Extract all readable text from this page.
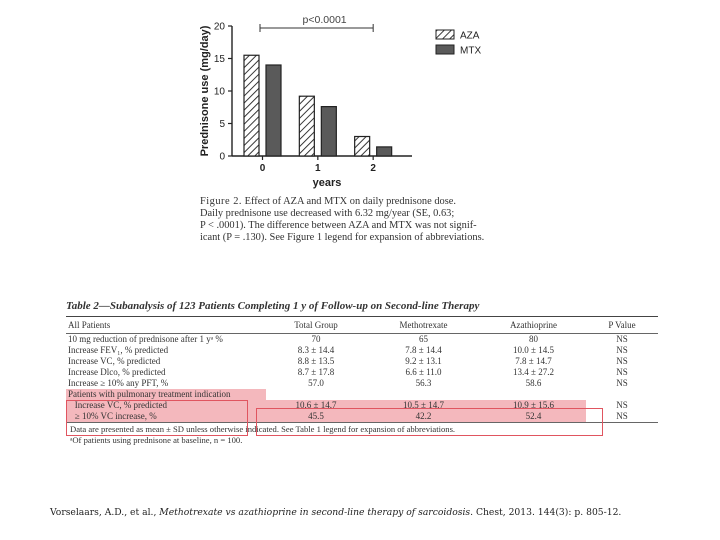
0
5
10
15
20
Prednisone use (mg/day)
0	1	2
years
p<0.0001
AZA
MTX
Figure 2. Effect of AZA and MTX on daily prednisone dose.
Daily prednisone use decreased with 6.32 mg/year (SE, 0.63;
P < .0001). The difference between AZA and MTX was not signif-
icant (P = .130). See Figure 1 legend for expansion of abbreviations.
Table 2—Subanalysis of 123 Patients Completing 1 y of Follow-up on Second-line Therapy
All Patients	Total Group	Methotrexate	Azathioprine	P Value
10 mg reduction of prednisone after 1 yᵃ %	70	65	80	NS
Increase FEV₁, % predicted	8.3 ± 14.4	7.8 ± 14.4	10.0 ± 14.5	NS
Increase VC, % predicted	8.8 ± 13.5	9.2 ± 13.1	7.8 ± 14.7	NS
Increase Dlco, % predicted	8.7 ± 17.8	6.6 ± 11.0	13.4 ± 27.2	NS
Increase ≥ 10% any PFT, %	57.0	56.3	58.6	NS
Patients with pulmonary treatment indication				
Increase VC, % predicted	10.6 ± 14.7	10.5 ± 14.7	10.9 ± 15.6	NS
≥ 10% VC increase, %	45.5	42.2	52.4	NS
Data are presented as mean ± SD unless otherwise indicated. See Table 1 legend for expansion of abbreviations.
ᵃOf patients using prednisone at baseline, n = 100.
Vorselaars, A.D., et al., Methotrexate vs azathioprine in second-line therapy of sarcoidosis. Chest, 2013. 144(3): p. 805-12.
